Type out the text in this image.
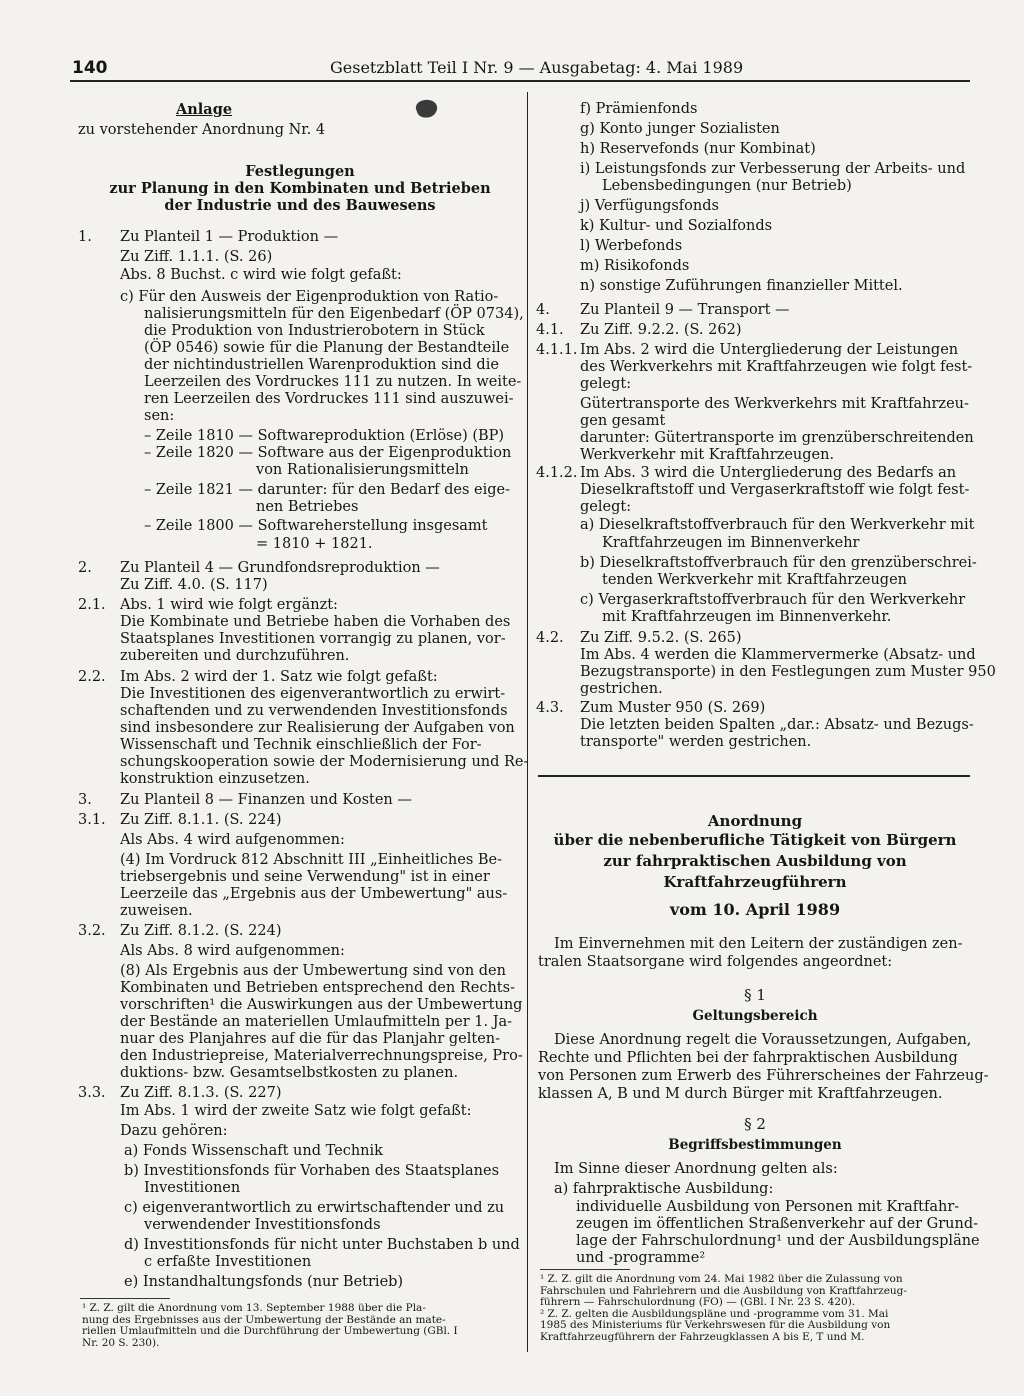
140	Gesetzblatt Teil I Nr. 9 — Ausgabetag: 4. Mai 1989
Anlage
zu vorstehender Anordnung Nr. 4
Festlegungen
zur Planung in den Kombinaten und Betrieben
der Industrie und des Bauwesens
1. Zu Planteil 1 — Produktion —
Zu Ziff. 1.1.1. (S. 26)
Abs. 8 Buchst. c wird wie folgt gefaßt:
c) Für den Ausweis der Eigenproduktion von Ratio-
nalisierungsmitteln für den Eigenbedarf (ÖP 0734),
die Produktion von Industrierobotern in Stück
(ÖP 0546) sowie für die Planung der Bestandteile
der nichtindustriellen Warenproduktion sind die
Leerzeilen des Vordruckes 111 zu nutzen. In weite-
ren Leerzeilen des Vordruckes 111 sind auszuwei-
sen:
– Zeile 1810 — Softwareproduktion (Erlöse) (BP)
– Zeile 1820 — Software aus der Eigenproduktion
von Rationalisierungsmitteln
– Zeile 1821 — darunter: für den Bedarf des eige-
nen Betriebes
– Zeile 1800 — Softwareherstellung insgesamt
= 1810 + 1821.
2. Zu Planteil 4 — Grundfondsreproduktion —
Zu Ziff. 4.0. (S. 117)
2.1. Abs. 1 wird wie folgt ergänzt:
Die Kombinate und Betriebe haben die Vorhaben des
Staatsplanes Investitionen vorrangig zu planen, vor-
zubereiten und durchzuführen.
2.2. Im Abs. 2 wird der 1. Satz wie folgt gefaßt:
Die Investitionen des eigenverantwortlich zu erwirt-
schaftenden und zu verwendenden Investitionsfonds
sind insbesondere zur Realisierung der Aufgaben von
Wissenschaft und Technik einschließlich der For-
schungskooperation sowie der Modernisierung und Re-
konstruktion einzusetzen.
3. Zu Planteil 8 — Finanzen und Kosten —
3.1. Zu Ziff. 8.1.1. (S. 224)
Als Abs. 4 wird aufgenommen:
(4) Im Vordruck 812 Abschnitt III „Einheitliches Be-
triebsergebnis und seine Verwendung" ist in einer
Leerzeile das „Ergebnis aus der Umbewertung" aus-
zuweisen.
3.2. Zu Ziff. 8.1.2. (S. 224)
Als Abs. 8 wird aufgenommen:
(8) Als Ergebnis aus der Umbewertung sind von den
Kombinaten und Betrieben entsprechend den Rechts-
vorschriften¹ die Auswirkungen aus der Umbewertung
der Bestände an materiellen Umlaufmitteln per 1. Ja-
nuar des Planjahres auf die für das Planjahr gelten-
den Industriepreise, Materialverrechnungspreise, Pro-
duktions- bzw. Gesamtselbstkosten zu planen.
3.3. Zu Ziff. 8.1.3. (S. 227)
Im Abs. 1 wird der zweite Satz wie folgt gefaßt:
Dazu gehören:
a) Fonds Wissenschaft und Technik
b) Investitionsfonds für Vorhaben des Staatsplanes
Investitionen
c) eigenverantwortlich zu erwirtschaftender und zu
verwendender Investitionsfonds
d) Investitionsfonds für nicht unter Buchstaben b und
c erfaßte Investitionen
e) Instandhaltungsfonds (nur Betrieb)
¹ Z. Z. gilt die Anordnung vom 13. September 1988 über die Pla-
nung des Ergebnisses aus der Umbewertung der Bestände an mate-
riellen Umlaufmitteln und die Durchführung der Umbewertung (GBl. I
Nr. 20 S. 230).
f) Prämienfonds
g) Konto junger Sozialisten
h) Reservefonds (nur Kombinat)
i) Leistungsfonds zur Verbesserung der Arbeits- und
Lebensbedingungen (nur Betrieb)
j) Verfügungsfonds
k) Kultur- und Sozialfonds
l) Werbefonds
m) Risikofonds
n) sonstige Zuführungen finanzieller Mittel.
4. Zu Planteil 9 — Transport —
4.1. Zu Ziff. 9.2.2. (S. 262)
4.1.1. Im Abs. 2 wird die Untergliederung der Leistungen
des Werkverkehrs mit Kraftfahrzeugen wie folgt fest-
gelegt:
Gütertransporte des Werkverkehrs mit Kraftfahrzeu-
gen gesamt
darunter: Gütertransporte im grenzüberschreitenden
Werkverkehr mit Kraftfahrzeugen.
4.1.2. Im Abs. 3 wird die Untergliederung des Bedarfs an
Dieselkraftstoff und Vergaserkraftstoff wie folgt fest-
gelegt:
a) Dieselkraftstoffverbrauch für den Werkverkehr mit
Kraftfahrzeugen im Binnenverkehr
b) Dieselkraftstoffverbrauch für den grenzüberschrei-
tenden Werkverkehr mit Kraftfahrzeugen
c) Vergaserkraftstoffverbrauch für den Werkverkehr
mit Kraftfahrzeugen im Binnenverkehr.
4.2. Zu Ziff. 9.5.2. (S. 265)
Im Abs. 4 werden die Klammervermerke (Absatz- und
Bezugstransporte) in den Festlegungen zum Muster 950
gestrichen.
4.3. Zum Muster 950 (S. 269)
Die letzten beiden Spalten „dar.: Absatz- und Bezugs-
transporte" werden gestrichen.
Anordnung
über die nebenberufliche Tätigkeit von Bürgern
zur fahrpraktischen Ausbildung von
Kraftfahrzeugführern
vom 10. April 1989
Im Einvernehmen mit den Leitern der zuständigen zen-
tralen Staatsorgane wird folgendes angeordnet:
§ 1
Geltungsbereich
Diese Anordnung regelt die Voraussetzungen, Aufgaben,
Rechte und Pflichten bei der fahrpraktischen Ausbildung
von Personen zum Erwerb des Führerscheines der Fahrzeug-
klassen A, B und M durch Bürger mit Kraftfahrzeugen.
§ 2
Begriffsbestimmungen
Im Sinne dieser Anordnung gelten als:
a) fahrpraktische Ausbildung:
individuelle Ausbildung von Personen mit Kraftfahr-
zeugen im öffentlichen Straßenverkehr auf der Grund-
lage der Fahrschulordnung¹ und der Ausbildungspläne
und -programme²
¹ Z. Z. gilt die Anordnung vom 24. Mai 1982 über die Zulassung von
Fahrschulen und Fahrlehrern und die Ausbildung von Kraftfahrzeug-
führern — Fahrschulordnung (FO) — (GBl. I Nr. 23 S. 420).
² Z. Z. gelten die Ausbildungspläne und -programme vom 31. Mai
1985 des Ministeriums für Verkehrswesen für die Ausbildung von
Kraftfahrzeugführern der Fahrzeugklassen A bis E, T und M.
